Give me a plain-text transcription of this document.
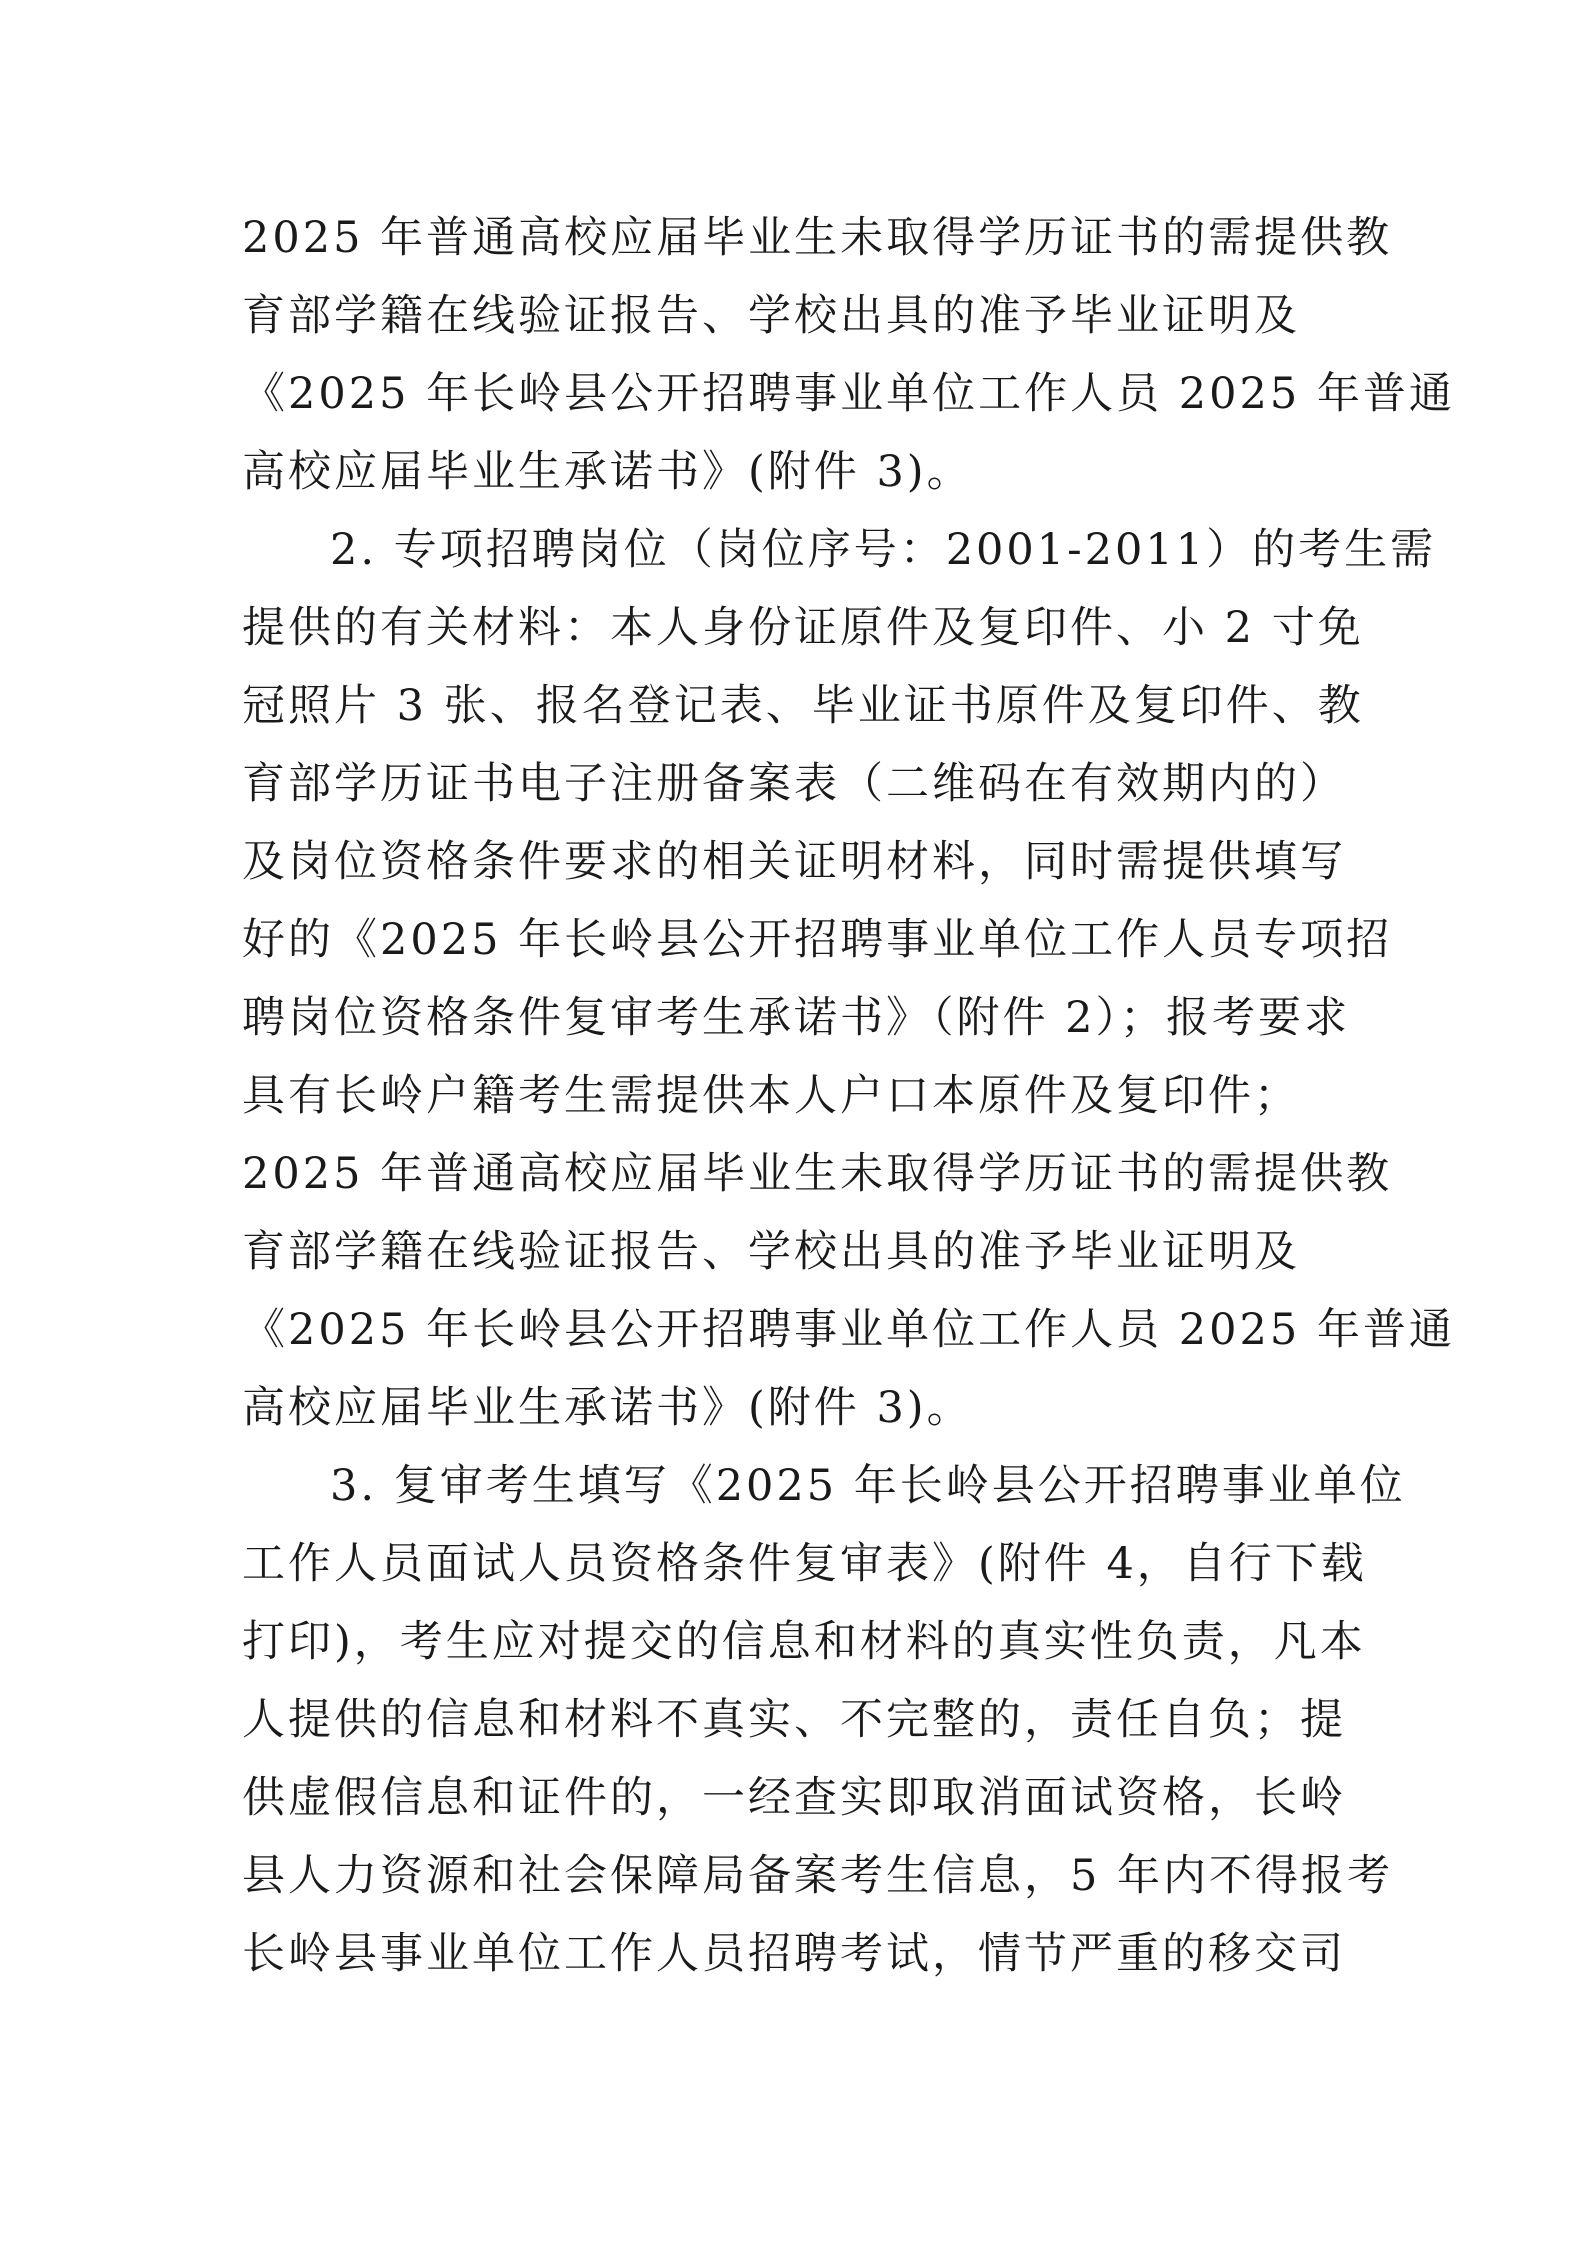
2025 年普通高校应届毕业生未取得学历证书的需提供教

育部学籍在线验证报告、学校出具的准予毕业证明及

《2025 年长岭县公开招聘事业单位工作人员 2025 年普通

高校应届毕业生承诺书》(附件 3)。

2. 专项招聘岗位（岗位序号：2001-2011）的考生需

提供的有关材料：本人身份证原件及复印件、小 2 寸免

冠照片 3 张、报名登记表、毕业证书原件及复印件、教

育部学历证书电子注册备案表（二维码在有效期内的）

及岗位资格条件要求的相关证明材料，同时需提供填写

好的《2025 年长岭县公开招聘事业单位工作人员专项招

聘岗位资格条件复审考生承诺书》（附件 2）；报考要求

具有长岭户籍考生需提供本人户口本原件及复印件；

2025 年普通高校应届毕业生未取得学历证书的需提供教

育部学籍在线验证报告、学校出具的准予毕业证明及

《2025 年长岭县公开招聘事业单位工作人员 2025 年普通

高校应届毕业生承诺书》(附件 3)。

3. 复审考生填写《2025 年长岭县公开招聘事业单位

工作人员面试人员资格条件复审表》(附件 4，自行下载

打印)，考生应对提交的信息和材料的真实性负责，凡本

人提供的信息和材料不真实、不完整的，责任自负；提

供虚假信息和证件的，一经查实即取消面试资格，长岭

县人力资源和社会保障局备案考生信息，5 年内不得报考

长岭县事业单位工作人员招聘考试，情节严重的移交司
